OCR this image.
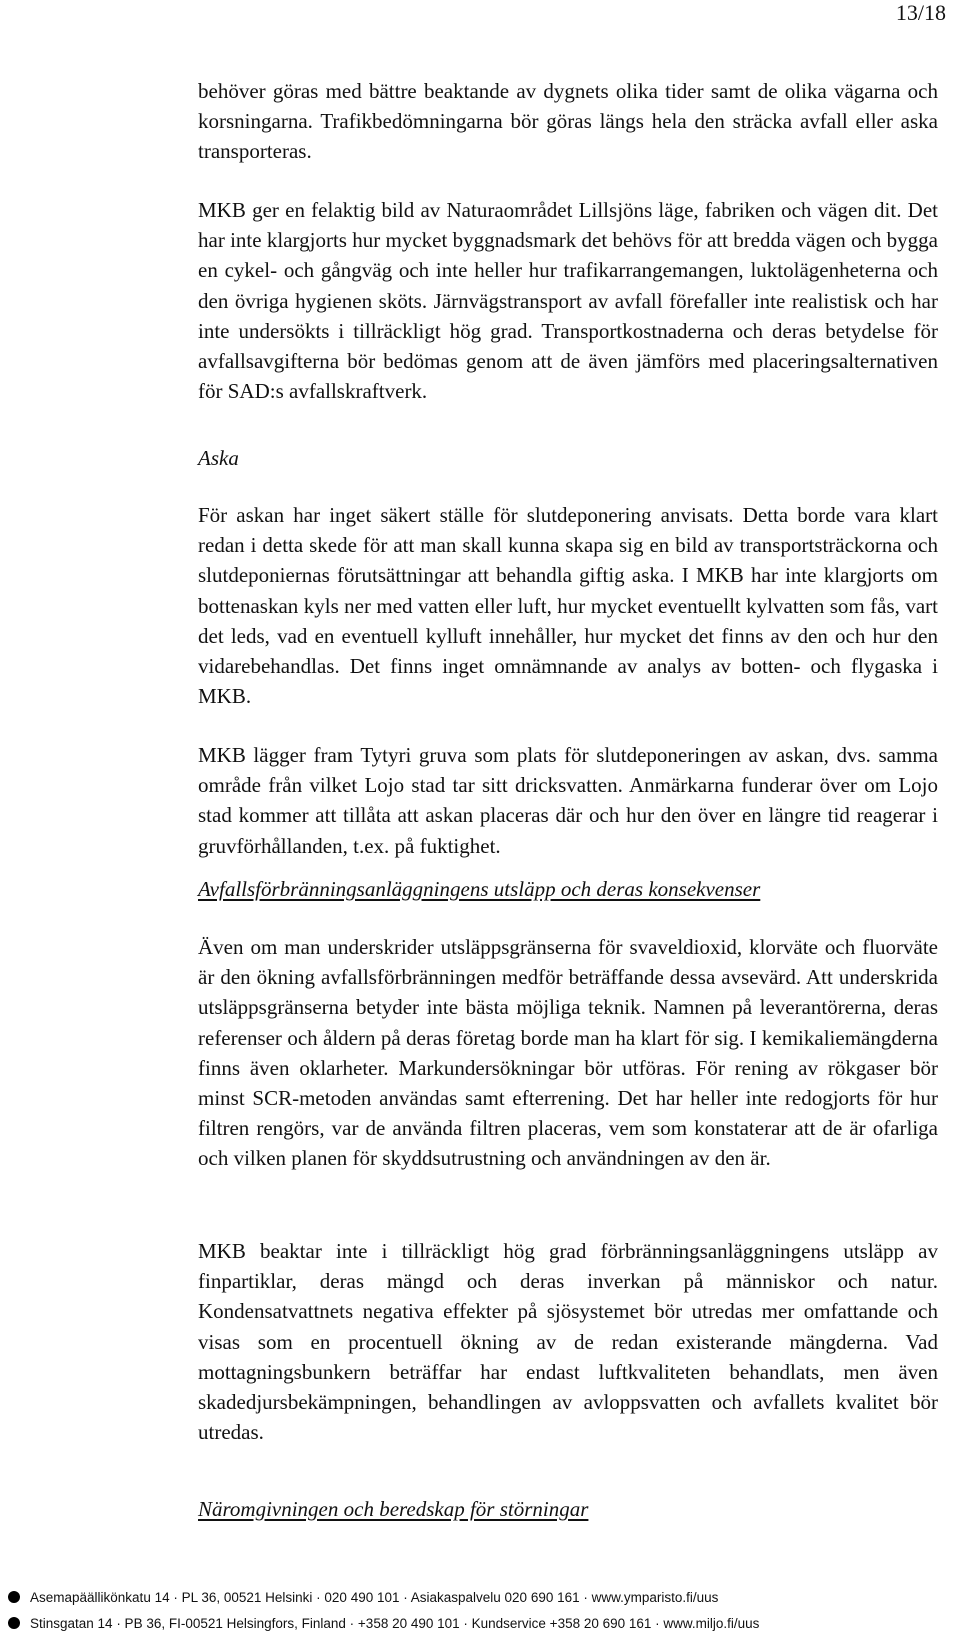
13/18

behöver göras med bättre beaktande av dygnets olika tider samt de olika vägarna och korsningarna. Trafikbedömningarna bör göras längs hela den sträcka avfall eller aska transporteras.

MKB ger en felaktig bild av Naturaområdet Lillsjöns läge, fabriken och vägen dit. Det har inte klargjorts hur mycket byggnadsmark det behövs för att bredda vägen och bygga en cykel- och gångväg och inte heller hur trafikarrangemangen, luktolägenheterna och den övriga hygienen sköts. Järnvägstransport av avfall förefaller inte realistisk och har inte undersökts i tillräckligt hög grad. Transportkostnaderna och deras betydelse för avfallsavgifterna bör bedömas genom att de även jämförs med placeringsalternativen för SAD:s avfallskraftverk.

Aska

För askan har inget säkert ställe för slutdeponering anvisats. Detta borde vara klart redan i detta skede för att man skall kunna skapa sig en bild av transportsträckorna och slutdeponiernas förutsättningar att behandla giftig aska. I MKB har inte klargjorts om bottenaskan kyls ner med vatten eller luft, hur mycket eventuellt kylvatten som fås, vart det leds, vad en eventuell kylluft innehåller, hur mycket det finns av den och hur den vidarebehandlas. Det finns inget omnämnande av analys av botten- och flygaska i MKB.

MKB lägger fram Tytyri gruva som plats för slutdeponeringen av askan, dvs. samma område från vilket Lojo stad tar sitt dricksvatten. Anmärkarna funderar över om Lojo stad kommer att tillåta att askan placeras där och hur den över en längre tid reagerar i gruvförhållanden, t.ex. på fuktighet.

Avfallsförbränningsanläggningens utsläpp och deras konsekvenser

Även om man underskrider utsläppsgränserna för svaveldioxid, klorväte och fluorväte är den ökning avfallsförbränningen medför beträffande dessa avsevärd. Att underskrida utsläppsgränserna betyder inte bästa möjliga teknik. Namnen på leverantörerna, deras referenser och åldern på deras företag borde man ha klart för sig. I kemikaliemängderna finns även oklarheter. Markundersökningar bör utföras. För rening av rökgaser bör minst SCR-metoden användas samt efterrening. Det har heller inte redogjorts för hur filtren rengörs, var de använda filtren placeras, vem som konstaterar att de är ofarliga och vilken planen för skyddsutrustning och användningen av den är.

MKB beaktar inte i tillräckligt hög grad förbränningsanläggningens utsläpp av finpartiklar, deras mängd och deras inverkan på människor och natur. Kondensatvattnets negativa effekter på sjösystemet bör utredas mer omfattande och visas som en procentuell ökning av de redan existerande mängderna. Vad mottagningsbunkern beträffar har endast luftkvaliteten behandlats, men även skadedjursbekämpningen, behandlingen av avloppsvatten och avfallets kvalitet bör utredas.

Näromgivningen och beredskap för störningar

Asemapäällikönkatu 14 · PL 36, 00521 Helsinki · 020 490 101 · Asiakaspalvelu 020 690 161 · www.ymparisto.fi/uus
Stinsgatan 14 · PB 36, FI-00521 Helsingfors, Finland · +358 20 490 101 · Kundservice +358 20 690 161 · www.miljo.fi/uus
